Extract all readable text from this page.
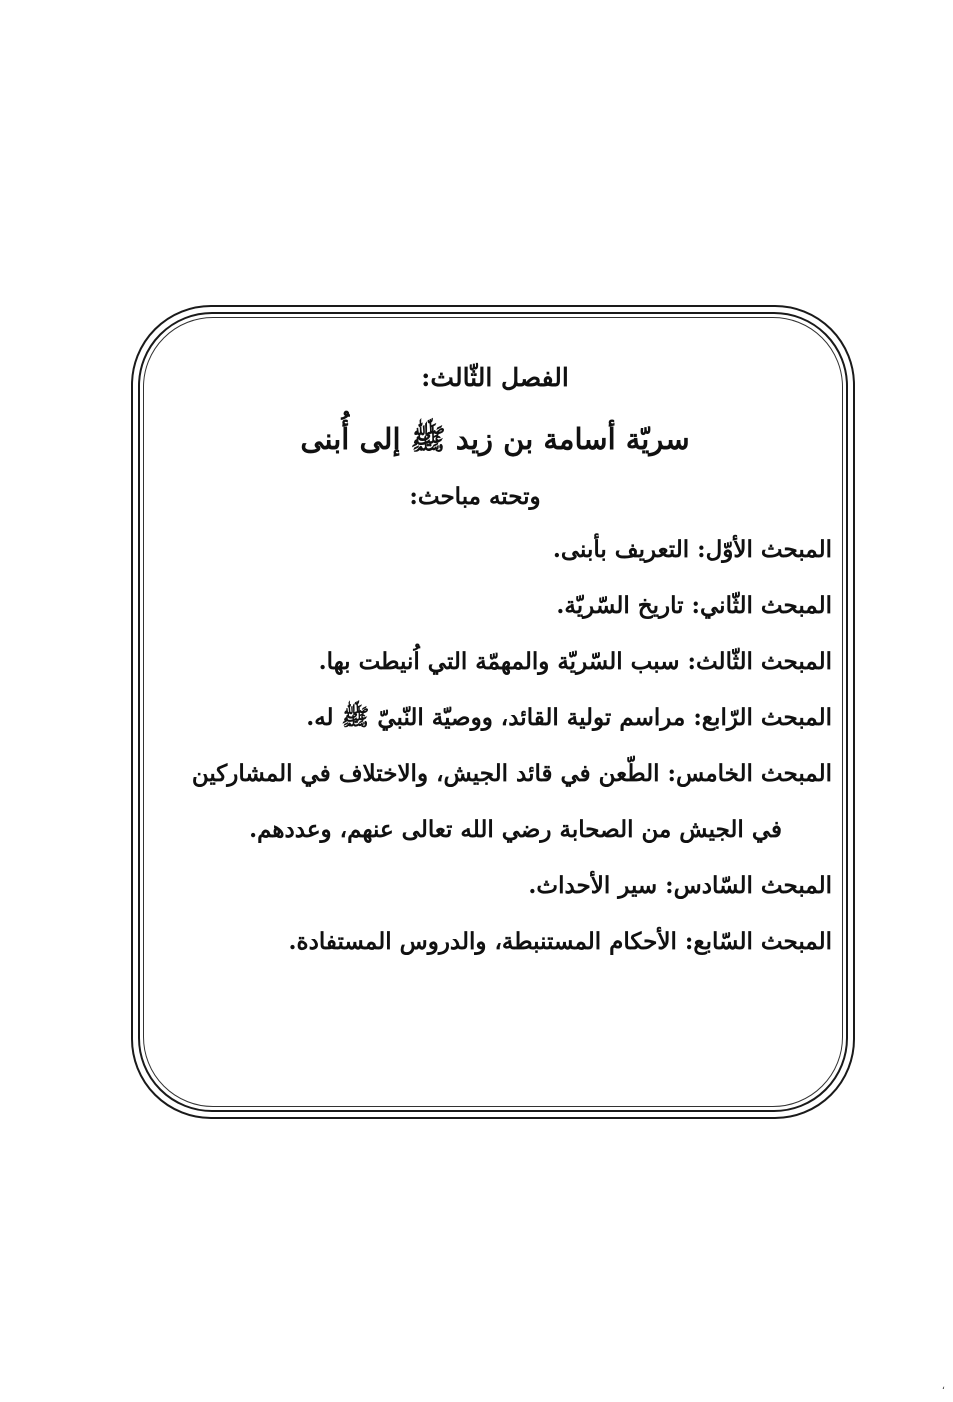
الفصل الثّالث:
سريّة أسامة بن زيد ﷺ إلى أُبنى
وتحته مباحث:
المبحث الأوّل: التعريف بأبنى.
المبحث الثّاني: تاريخ السّريّة.
المبحث الثّالث: سبب السّريّة والمهمّة التي اُنيطت بها.
المبحث الرّابع: مراسم تولية القائد، ووصيّة النّبيّ ﷺ له.
المبحث الخامس: الطّعن في قائد الجيش، والاختلاف في المشاركين
في الجيش من الصحابة رضي الله تعالى عنهم، وعددهم.
المبحث السّادس: سير الأحداث.
المبحث السّابع: الأحكام المستنبطة، والدروس المستفادة.
،
